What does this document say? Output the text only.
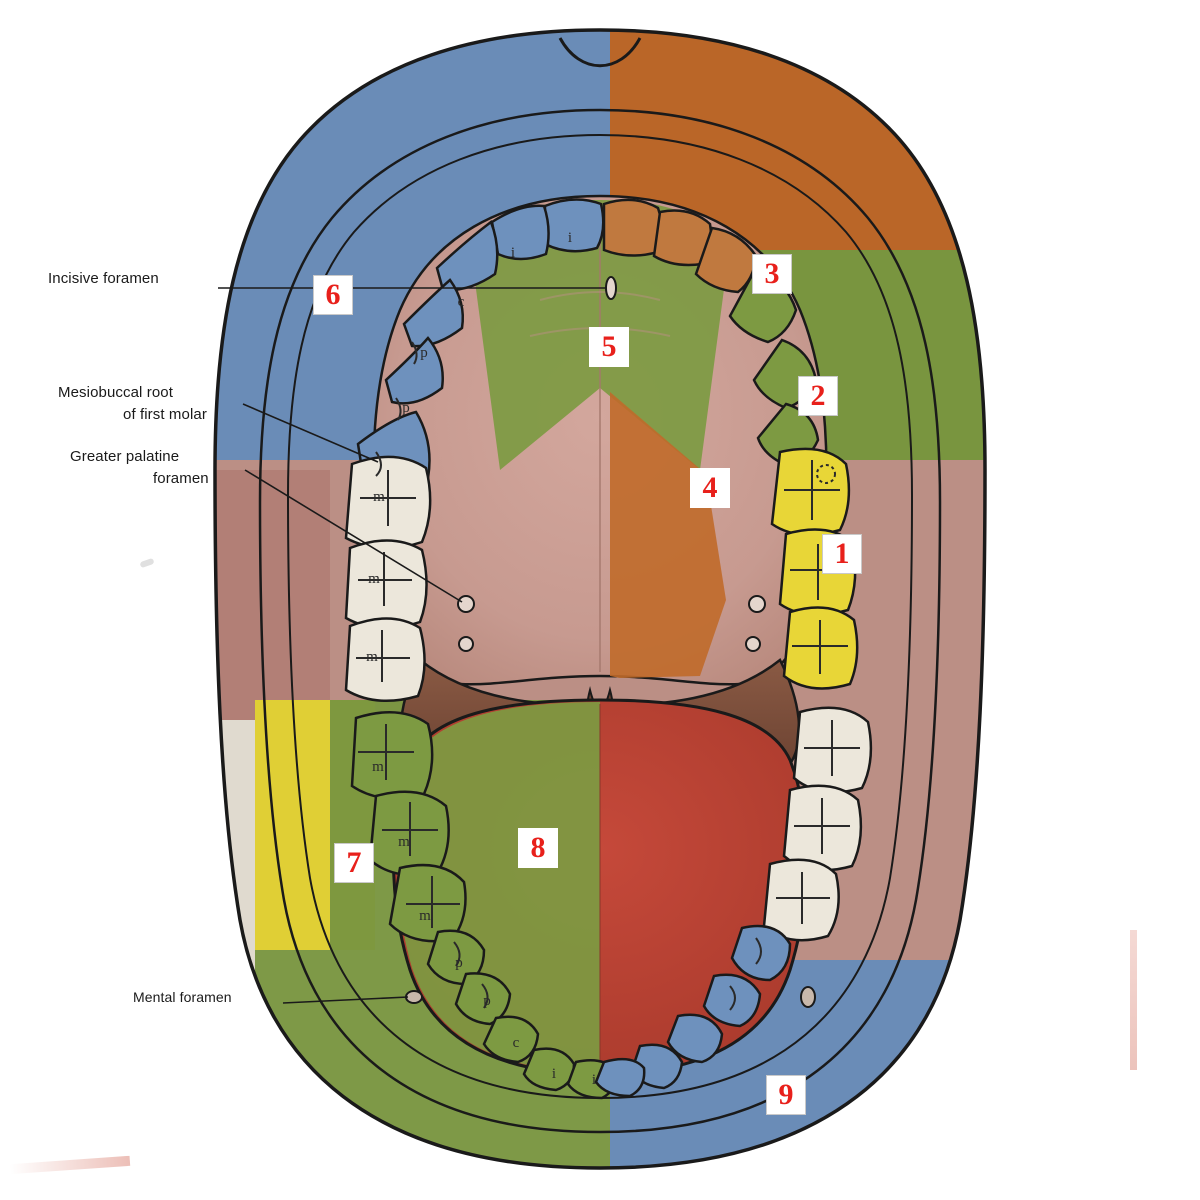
i
i
c
p
p
m
m
m
m
m
m
p
p
c
i i
Incisive foramen
Mesiobuccal root
of first molar
Greater palatine
foramen
Mental foramen
1
2
3
4
5
6
7	8
9
